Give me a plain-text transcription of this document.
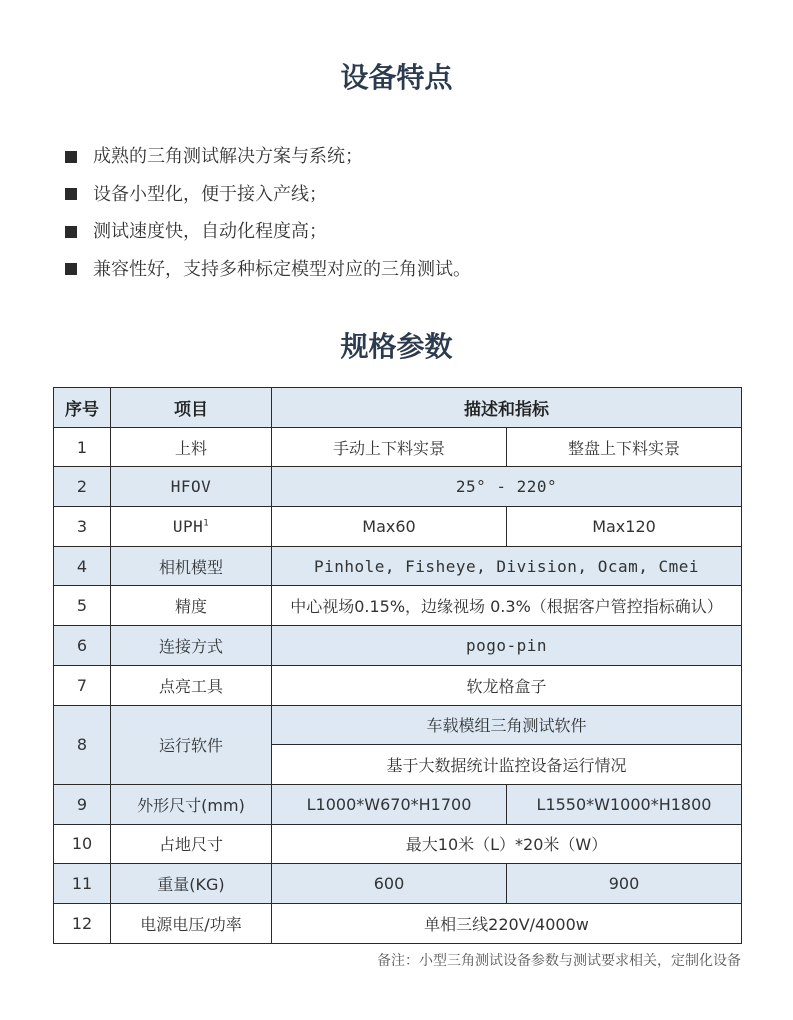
设备特点
成熟的三角测试解决方案与系统；
设备小型化，便于接入产线；
测试速度快，自动化程度高；
兼容性好，支持多种标定模型对应的三角测试。
规格参数
序号	项目	描述和指标	
1	上料	手动上下料实景	整盘上下料实景
2	HFOV	25° - 220°	
3	UPH$^1$	Max60	Max120
4	相机模型	Pinhole, Fisheye, Division, Ocam, Cmei	
5	精度	中心视场0.15%，边缘视场 0.3%（根据客户管控指标确认）	
6	连接方式	pogo-pin	
7	点亮工具	软龙格盒子	
8	运行软件	车载模组三角测试软件	
		基于大数据统计监控设备运行情况	
9	外形尺寸(mm)	L1000*W670*H1700	L1550*W1000*H1800
10	占地尺寸	最大10米（L）*20米（W）	
11	重量(KG)	600	900
12	电源电压/功率	单相三线220V/4000w	

备注：小型三角测试设备参数与测试要求相关，定制化设备
